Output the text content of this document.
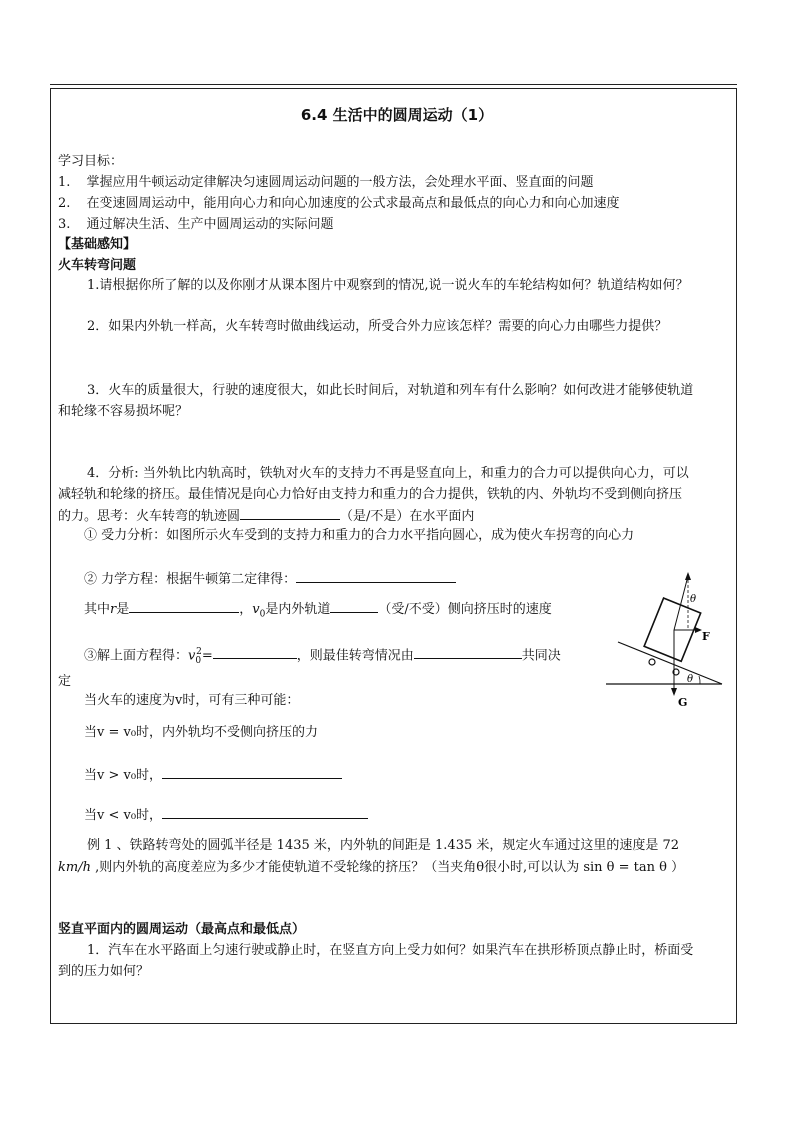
6.4 生活中的圆周运动（1）
学习目标：
1. 掌握应用牛顿运动定律解决匀速圆周运动问题的一般方法，会处理水平面、竖直面的问题
2. 在变速圆周运动中，能用向心力和向心加速度的公式求最高点和最低点的向心力和向心加速度
3. 通过解决生活、生产中圆周运动的实际问题
【基础感知】
火车转弯问题
1.请根据你所了解的以及你刚才从课本图片中观察到的情况,说一说火车的车轮结构如何？轨道结构如何？
2．如果内外轨一样高，火车转弯时做曲线运动，所受合外力应该怎样？需要的向心力由哪些力提供？
3．火车的质量很大，行驶的速度很大，如此长时间后，对轨道和列车有什么影响？如何改进才能够使轨道
和轮缘不容易损坏呢？
4．分析: 当外轨比内轨高时，铁轨对火车的支持力不再是竖直向上，和重力的合力可以提供向心力，可以
减轻轨和轮缘的挤压。最佳情况是向心力恰好由支持力和重力的合力提供，铁轨的内、外轨均不受到侧向挤压
的力。思考：火车转弯的轨迹圆	（是/不是）在水平面内
① 受力分析：如图所示火车受到的支持力和重力的合力水平指向圆心，成为使火车拐弯的向心力
② 力学方程：根据牛顿第二定律得：
其中r是	，$v_0$是内外轨道	（受/不受）侧向挤压时的速度
③解上面方程得：$v_0^2=$	，则最佳转弯情况由	共同决
定
当火车的速度为v时，可有三种可能：
当v = v₀时，内外轨均不受侧向挤压的力
当v > v₀时，
当v < v₀时，
例 1 、铁路转弯处的圆弧半径是 1435 米，内外轨的间距是 1.435 米，规定火车通过这里的速度是 72
km/h ,则内外轨的高度差应为多少才能使轨道不受轮缘的挤压？（当夹角θ很小时,可以认为 sin θ = tan θ ）
竖直平面内的圆周运动（最高点和最低点）
1．汽车在水平路面上匀速行驶或静止时，在竖直方向上受力如何？如果汽车在拱形桥顶点静止时，桥面受
到的压力如何？
θ
θ
F
G
